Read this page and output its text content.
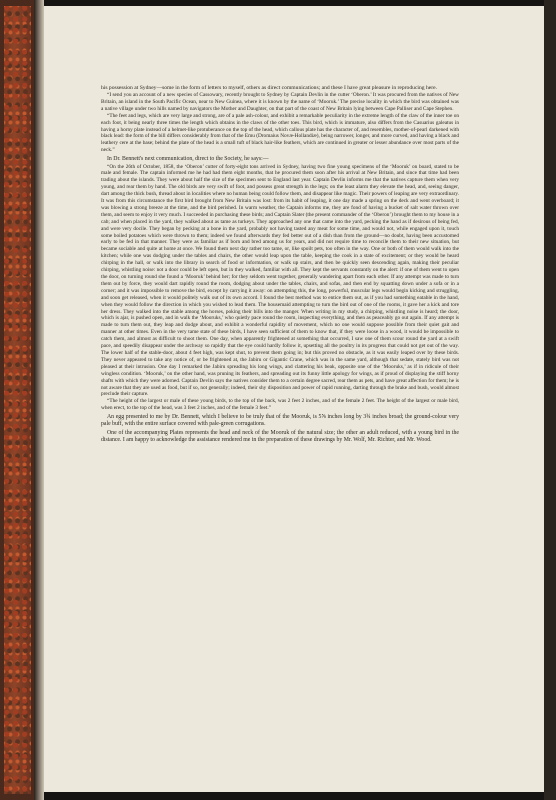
his possession at Sydney—some in the form of letters to myself, others as direct communications; and these I have great pleasure in reproducing here.

“I send you an account of a new species of Cassowary, recently brought to Sydney by Captain Devlin in the cutter ‘Oberon.’ It was procured from the natives of New Britain, an island in the South Pacific Ocean, near to New Guinea, where it is known by the name of ‘Mooruk.’ The precise locality in which the bird was obtained was a native village under two hills named by navigators the Mother and Daughter, on that part of the coast of New Britain lying between Cape Palliser and Cape Stephen.

“The feet and legs, which are very large and strong, are of a pale ash-colour, and exhibit a remarkable peculiarity in the extreme length of the claw of the inner toe on each foot, it being nearly three times the length which obtains in the claws of the other toes. This bird, which is immature, also differs from the Casuarius galeatus in having a horny plate instead of a helmet-like protuberance on the top of the head, which callous plate has the character of, and resembles, mother-of-pearl darkened with black lead: the form of the bill differs considerably from that of the Emu (Dromaius Novæ-Hollandiæ), being narrower, longer, and more curved, and having a black and leathery cere at the base; behind the plate of the head is a small tuft of black hair-like feathers, which are continued in greater or lesser abundance over most parts of the neck.”

In Dr. Bennett's next communication, direct to the Society, he says:—

“On the 26th of October, 1858, the ‘Oberon’ cutter of forty-eight tons arrived in Sydney, having two fine young specimens of the ‘Mooruk’ on board, stated to be male and female. The captain informed me he had had them eight months, that he procured them soon after his arrival at New Britain, and since that time had been trading about the islands. They were about half the size of the specimen sent to England last year. Captain Devlin informs me that the natives capture them when very young, and rear them by hand. The old birds are very swift of foot, and possess great strength in the legs; on the least alarm they elevate the head, and, seeing danger, dart among the thick bush, thread about in localities where no human being could follow them, and disappear like magic. Their powers of leaping are very extraordinary. It was from this circumstance the first bird brought from New Britain was lost: from its habit of leaping, it one day made a spring on the deck and went overboard; it was blowing a strong breeze at the time, and the bird perished. In warm weather, the Captain informs me, they are fond of having a bucket of salt water thrown over them, and seem to enjoy it very much. I succeeded in purchasing these birds; and Captain Slater (the present commander of the ‘Oberon’) brought them to my house in a cab; and when placed in the yard, they walked about as tame as turkeys. They approached any one that came into the yard, pecking the hand as if desirous of being fed, and were very docile. They began by pecking at a bone in the yard, probably not having tasted any meat for some time, and would not, while engaged upon it, touch some boiled potatoes which were thrown to them; indeed we found afterwards they fed better out of a dish than from the ground—no doubt, having been accustomed early to be fed in that manner. They were as familiar as if born and bred among us for years, and did not require time to reconcile them to their new situation, but became sociable and quite at home at once. We found them next day rather too tame, or, like spoilt pets, too often in the way. One or both of them would walk into the kitchen; while one was dodging under the tables and chairs, the other would leap upon the table, keeping the cook in a state of excitement; or they would be heard chirping in the hall, or walk into the library in search of food or information, or walk up stairs, and then be quickly seen descending again, making their peculiar chirping, whistling noise: not a door could be left open, but in they walked, familiar with all. They kept the servants constantly on the alert: if one of them went to open the door, on turning round she found a ‘Mooruk’ behind her; for they seldom went together, generally wandering apart from each other. If any attempt was made to turn them out by force, they would dart rapidly round the room, dodging about under the tables, chairs, and sofas, and then end by squatting down under a sofa or in a corner; and it was impossible to remove the bird, except by carrying it away: on attempting this, the long, powerful, muscular legs would begin kicking and struggling, and soon get released, when it would politely walk out of its own accord. I found the best method was to entice them out, as if you had something eatable in the hand, when they would follow the direction in which you wished to lead them. The housemaid attempting to turn the bird out of one of the rooms, it gave her a kick and tore her dress. They walked into the stable among the horses, poking their bills into the manger. When writing in my study, a chirping, whistling noise is heard; the door, which is ajar, is pushed open, and in walk the ‘Mooruks,’ who quietly pace round the room, inspecting everything, and then as peaceably go out again. If any attempt is made to turn them out, they leap and dodge about, and exhibit a wonderful rapidity of movement, which no one would suppose possible from their quiet gait and manner at other times. Even in the very tame state of these birds, I have seen sufficient of them to know that, if they were loose in a wood, it would be impossible to catch them, and almost as difficult to shoot them. One day, when apparently frightened at something that occurred, I saw one of them scour round the yard at a swift pace, and speedily disappear under the archway so rapidly that the eye could hardly follow it, upsetting all the poultry in its progress that could not get out of the way. The lower half of the stable-door, about 4 feet high, was kept shut, to prevent them going in; but this proved no obstacle, as it was easily leaped over by these birds. They never appeared to take any notice of, or be frightened at, the Jabiru or Gigantic Crane, which was in the same yard, although that sedate, stately bird was not pleased at their intrusion. One day I remarked the Jabiru spreading his long wings, and clattering his beak, opposite one of the ‘Mooruks,’ as if in ridicule of their wingless condition. ‘Mooruk,’ on the other hand, was pruning its feathers, and spreading out its funny little apology for wings, as if proud of displaying the stiff horny shafts with which they were adorned. Captain Devlin says the natives consider them to a certain degree sacred, rear them as pets, and have great affection for them; he is not aware that they are used as food, but if so, not generally; indeed, their shy disposition and power of rapid running, darting through the brake and bush, would almost preclude their capture.

“The height of the largest or male of these young birds, to the top of the back, was 2 feet 2 inches, and of the female 2 feet. The height of the largest or male bird, when erect, to the top of the head, was 3 feet 2 inches, and of the female 3 feet.”

An egg presented to me by Dr. Bennett, which I believe to be truly that of the Mooruk, is 5⅝ inches long by 3¾ inches broad; the ground-colour very pale buff, with the entire surface covered with pale-green corrugations.

One of the accompanying Plates represents the head and neck of the Mooruk of the natural size; the other an adult reduced, with a young bird in the distance. I am happy to acknowledge the assistance rendered me in the preparation of these drawings by Mr. Wolf, Mr. Richter, and Mr. Wood.
